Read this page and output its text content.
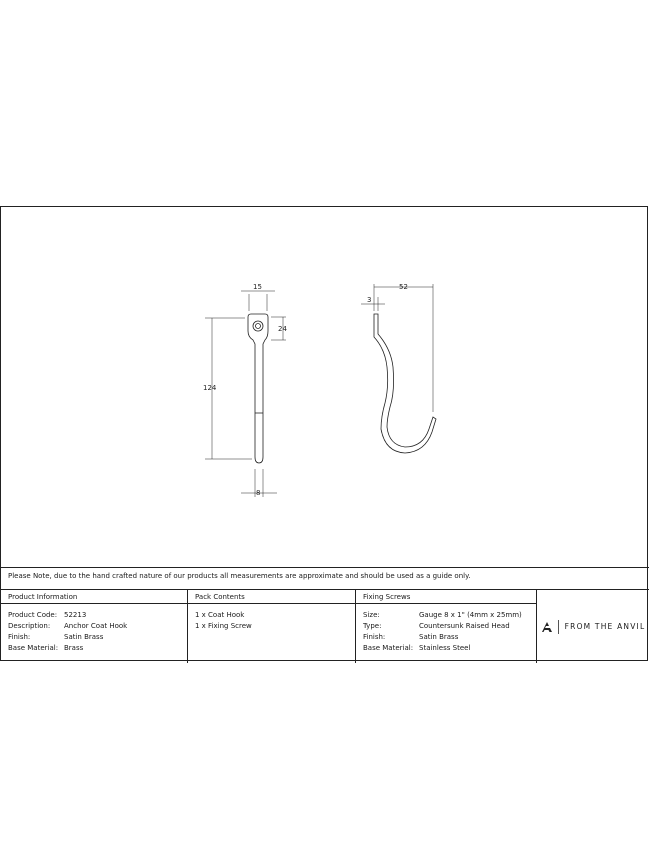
15
24
124
8
52
3
Please Note, due to the hand crafted nature of our products all measurements are approximate and should be used as a guide only.
Product Information
Product Code: 52213
Description:	Anchor Coat Hook
Finish:	Satin Brass
Base Material: Brass
Pack Contents
1 x Coat Hook
1 x Fixing Screw
Fixing Screws
Size:	Gauge 8 x 1" (4mm x 25mm)
Type:	Countersunk Raised Head
Finish:	Satin Brass
Base Material: Stainless Steel
FROM THE ANVIL
